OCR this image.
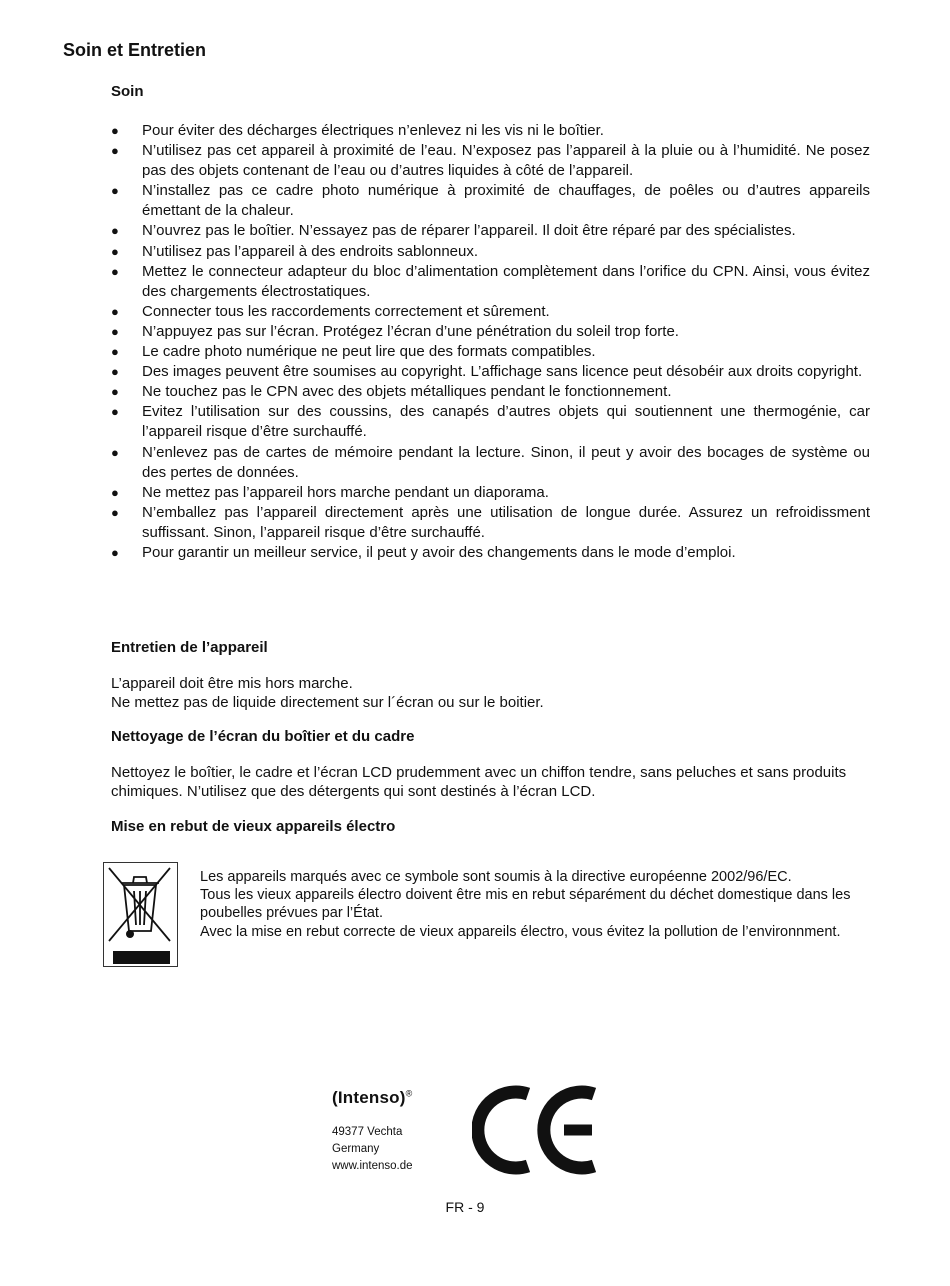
Soin et Entretien
Soin
●	Pour éviter des décharges électriques n’enlevez ni les vis ni le boîtier.
●	N’utilisez pas cet appareil à proximité de l’eau. N’exposez pas l’appareil à la pluie ou à l’humidité. Ne posez pas des objets contenant de l’eau ou d’autres liquides à côté de l’appareil.
●	N’installez pas ce cadre photo numérique à proximité de chauffages, de poêles ou d’autres appareils émettant de la chaleur.
●	N’ouvrez pas le boîtier. N’essayez pas de réparer l’appareil. Il doit être réparé par des spécialistes.
●	N’utilisez pas l’appareil à des endroits sablonneux.
●	Mettez le connecteur adapteur du bloc d’alimentation complètement dans l’orifice du CPN. Ainsi, vous évitez des chargements électrostatiques.
●	Connecter tous les raccordements correctement et sûrement.
●	N’appuyez pas sur l’écran. Protégez l’écran d’une pénétration du soleil trop forte.
●	Le cadre photo numérique ne peut lire que des formats compatibles.
●	Des images peuvent être soumises au copyright. L’affichage sans licence peut désobéir aux droits copyright.
●	Ne touchez pas le CPN avec des objets métalliques pendant le fonctionnement.
●	Evitez l’utilisation sur des coussins, des canapés d’autres objets qui soutiennent une thermogénie, car l’appareil risque d’être surchauffé.
●	N’enlevez pas de cartes de mémoire pendant la lecture. Sinon, il peut y avoir des bocages de système ou des pertes de données.
●	Ne mettez pas l’appareil hors marche pendant un diaporama.
●	N’emballez pas l’appareil directement après une utilisation de longue durée. Assurez un refroidissment suffissant. Sinon, l’appareil risque d’être surchauffé.
●	Pour garantir un meilleur service, il peut y avoir des changements dans le mode d’emploi.
Entretien de l’appareil

L’appareil doit être mis hors marche.
Ne mettez pas de liquide directement sur l´écran ou sur le boitier.

Nettoyage de l’écran du boîtier et du cadre

Nettoyez le boîtier, le cadre et l’écran LCD prudemment avec un chiffon tendre, sans peluches et sans produits chimiques. N’utilisez que des détergents qui sont destinés à l’écran LCD.

Mise en rebut de vieux appareils électro

Les appareils marqués avec ce symbole sont soumis à la directive européenne 2002/96/EC.
Tous les vieux appareils électro doivent être mis en rebut séparément du déchet domestique dans les poubelles prévues par l’État.
Avec la mise en rebut correcte de vieux appareils électro, vous évitez la pollution de l’environnment.

(Intenso)®
49377 Vechta
Germany
www.intenso.de
FR - 9
